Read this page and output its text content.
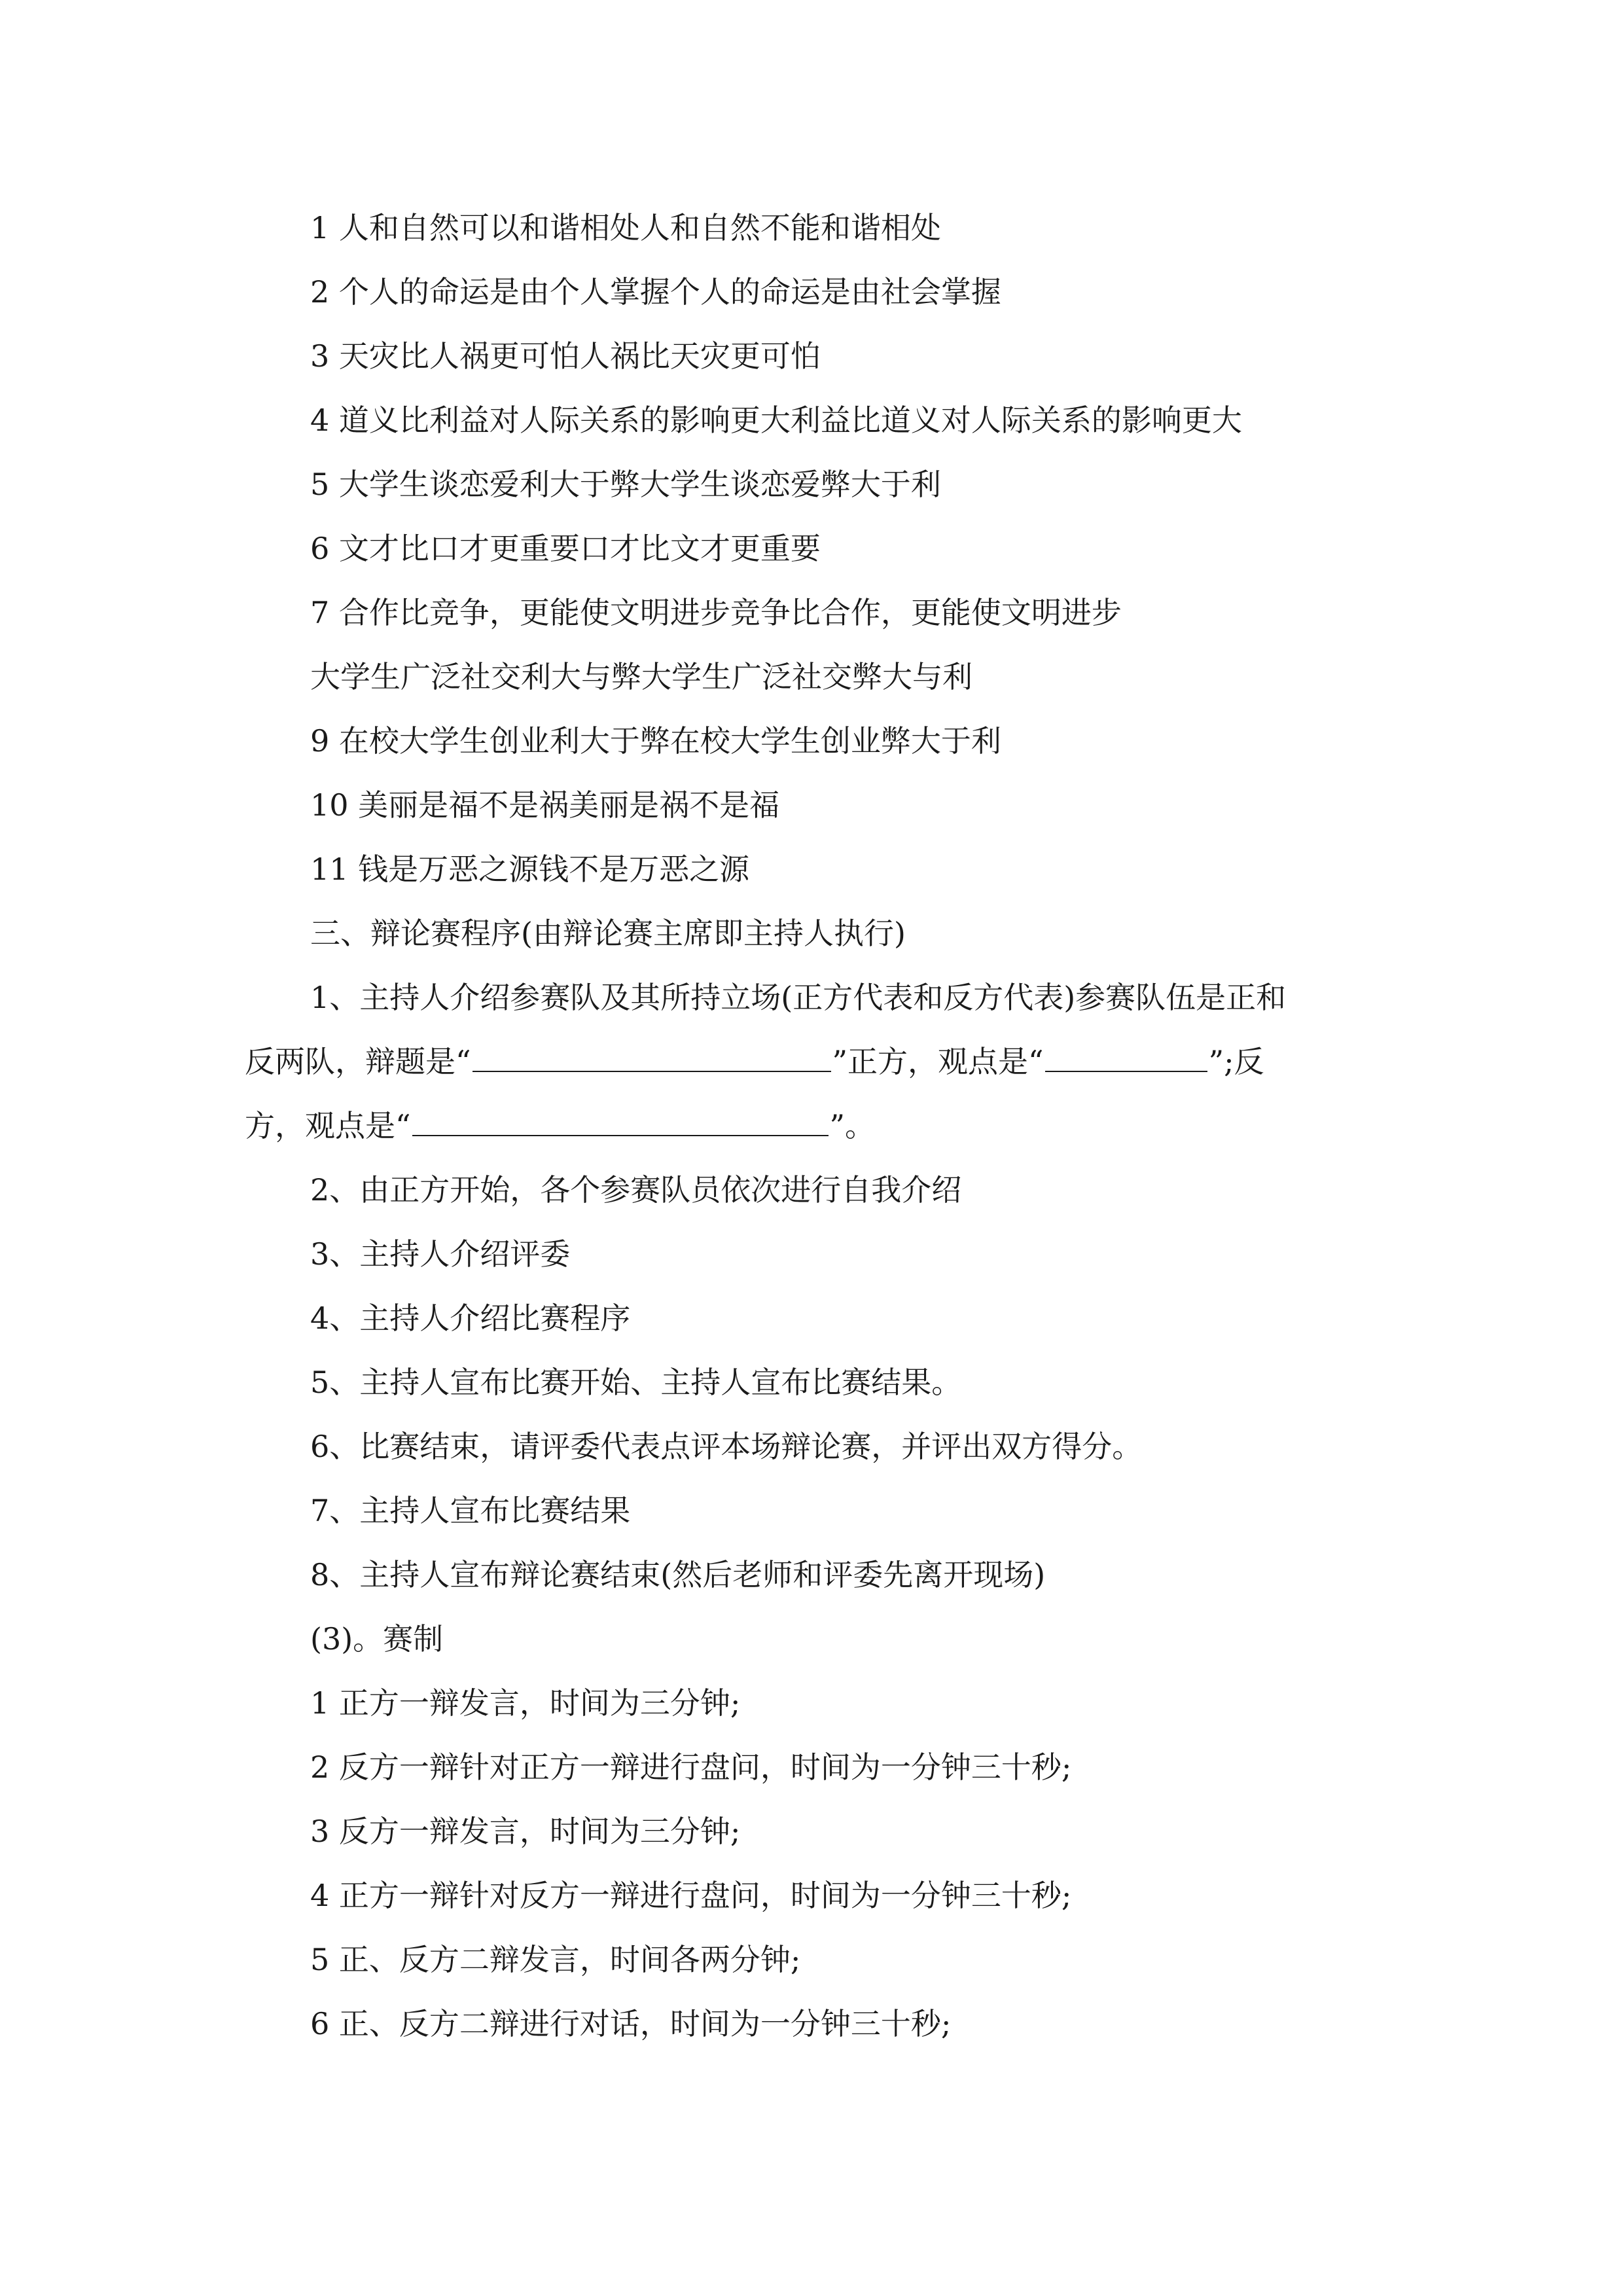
1 人和自然可以和谐相处人和自然不能和谐相处
2 个人的命运是由个人掌握个人的命运是由社会掌握
3 天灾比人祸更可怕人祸比天灾更可怕
4 道义比利益对人际关系的影响更大利益比道义对人际关系的影响更大
5 大学生谈恋爱利大于弊大学生谈恋爱弊大于利
6 文才比口才更重要口才比文才更重要
7 合作比竞争，更能使文明进步竞争比合作，更能使文明进步
大学生广泛社交利大与弊大学生广泛社交弊大与利
9 在校大学生创业利大于弊在校大学生创业弊大于利
10 美丽是福不是祸美丽是祸不是福
11 钱是万恶之源钱不是万恶之源
三、辩论赛程序(由辩论赛主席即主持人执行)
1、主持人介绍参赛队及其所持立场(正方代表和反方代表)参赛队伍是正和
反两队，辩题是“	”正方，观点是“	”;反
方，观点是“	”。
2、由正方开始，各个参赛队员依次进行自我介绍
3、主持人介绍评委
4、主持人介绍比赛程序
5、主持人宣布比赛开始、主持人宣布比赛结果。
6、比赛结束，请评委代表点评本场辩论赛，并评出双方得分。
7、主持人宣布比赛结果
8、主持人宣布辩论赛结束(然后老师和评委先离开现场)
(3)。赛制
1 正方一辩发言，时间为三分钟;
2 反方一辩针对正方一辩进行盘问，时间为一分钟三十秒;
3 反方一辩发言，时间为三分钟;
4 正方一辩针对反方一辩进行盘问，时间为一分钟三十秒;
5 正、反方二辩发言，时间各两分钟;
6 正、反方二辩进行对话，时间为一分钟三十秒;
